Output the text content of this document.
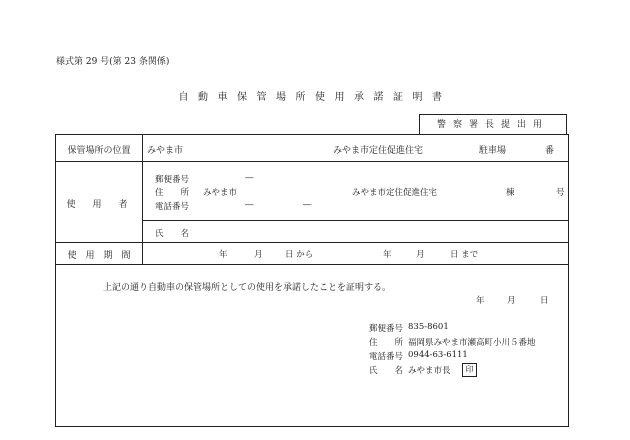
様式第 29 号(第 23 条関係)
自動車保管場所使用承諾証明書
警察署長提出用
保管場所の位置	みやま市	みやま市定住促進住宅	駐車場	番
使　用　者
郵便番号	―
住　　所 みやま市	みやま市定住促進住宅	棟	号
電話番号	―	―
氏　　名
使　用　期　間	年	月	日 から	年	月	日 まで
上記の通り自動車の保管場所としての使用を承諾したことを証明する。
年	月	日
郵便番号 835-8601
住　　所 福岡県みやま市瀬高町小川５番地
電話番号 0944-63-6111
氏　　名 みやま市長	印
